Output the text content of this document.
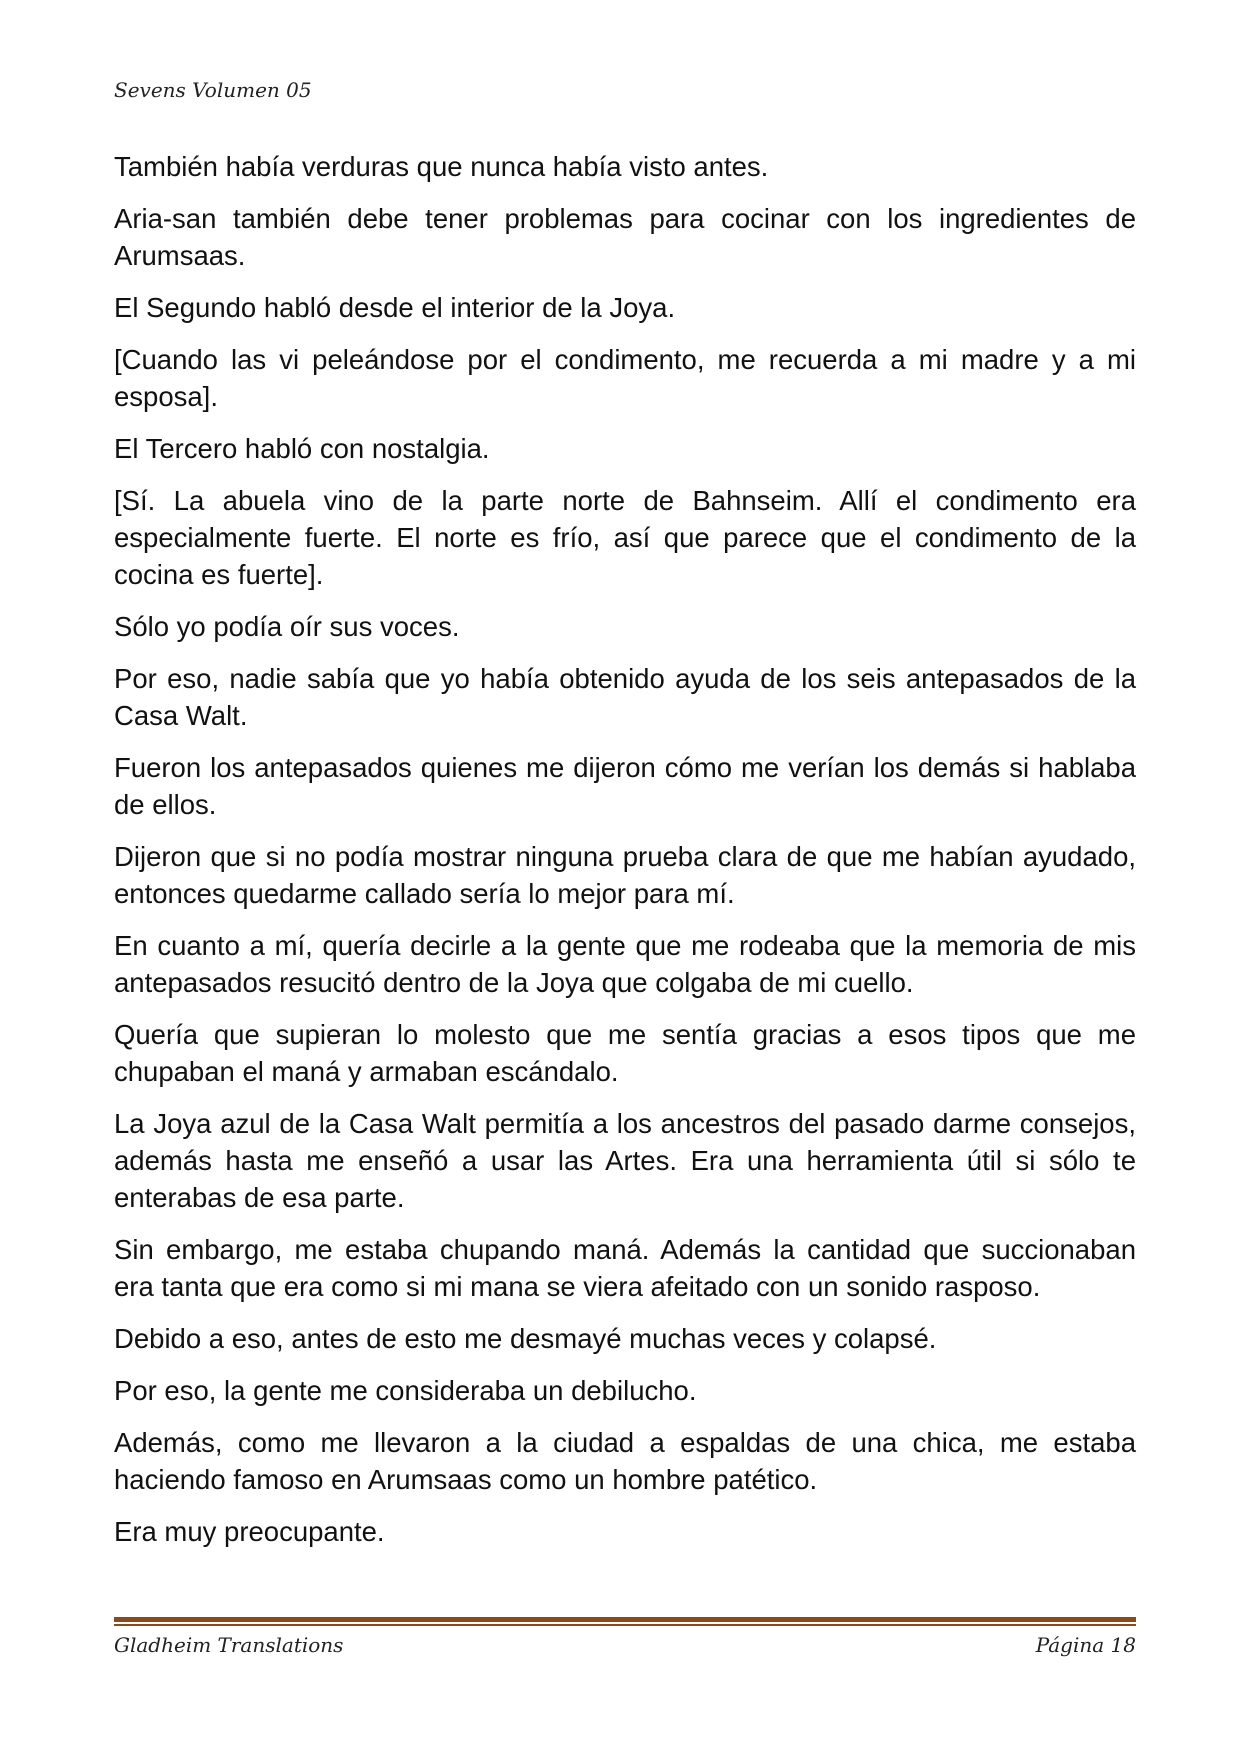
Sevens Volumen 05

También había verduras que nunca había visto antes.

Aria-san también debe tener problemas para cocinar con los ingredientes de Arumsaas.

El Segundo habló desde el interior de la Joya.

[Cuando las vi peleándose por el condimento, me recuerda a mi madre y a mi esposa].

El Tercero habló con nostalgia.

[Sí. La abuela vino de la parte norte de Bahnseim. Allí el condimento era especialmente fuerte. El norte es frío, así que parece que el condimento de la cocina es fuerte].

Sólo yo podía oír sus voces.

Por eso, nadie sabía que yo había obtenido ayuda de los seis antepasados de la Casa Walt.

Fueron los antepasados quienes me dijeron cómo me verían los demás si hablaba de ellos.

Dijeron que si no podía mostrar ninguna prueba clara de que me habían ayudado, entonces quedarme callado sería lo mejor para mí.

En cuanto a mí, quería decirle a la gente que me rodeaba que la memoria de mis antepasados resucitó dentro de la Joya que colgaba de mi cuello.

Quería que supieran lo molesto que me sentía gracias a esos tipos que me chupaban el maná y armaban escándalo.

La Joya azul de la Casa Walt permitía a los ancestros del pasado darme consejos, además hasta me enseñó a usar las Artes. Era una herramienta útil si sólo te enterabas de esa parte.

Sin embargo, me estaba chupando maná. Además la cantidad que succionaban era tanta que era como si mi mana se viera afeitado con un sonido rasposo.

Debido a eso, antes de esto me desmayé muchas veces y colapsé.

Por eso, la gente me consideraba un debilucho.

Además, como me llevaron a la ciudad a espaldas de una chica, me estaba haciendo famoso en Arumsaas como un hombre patético.

Era muy preocupante.

Gladheim Translations	Página 18
